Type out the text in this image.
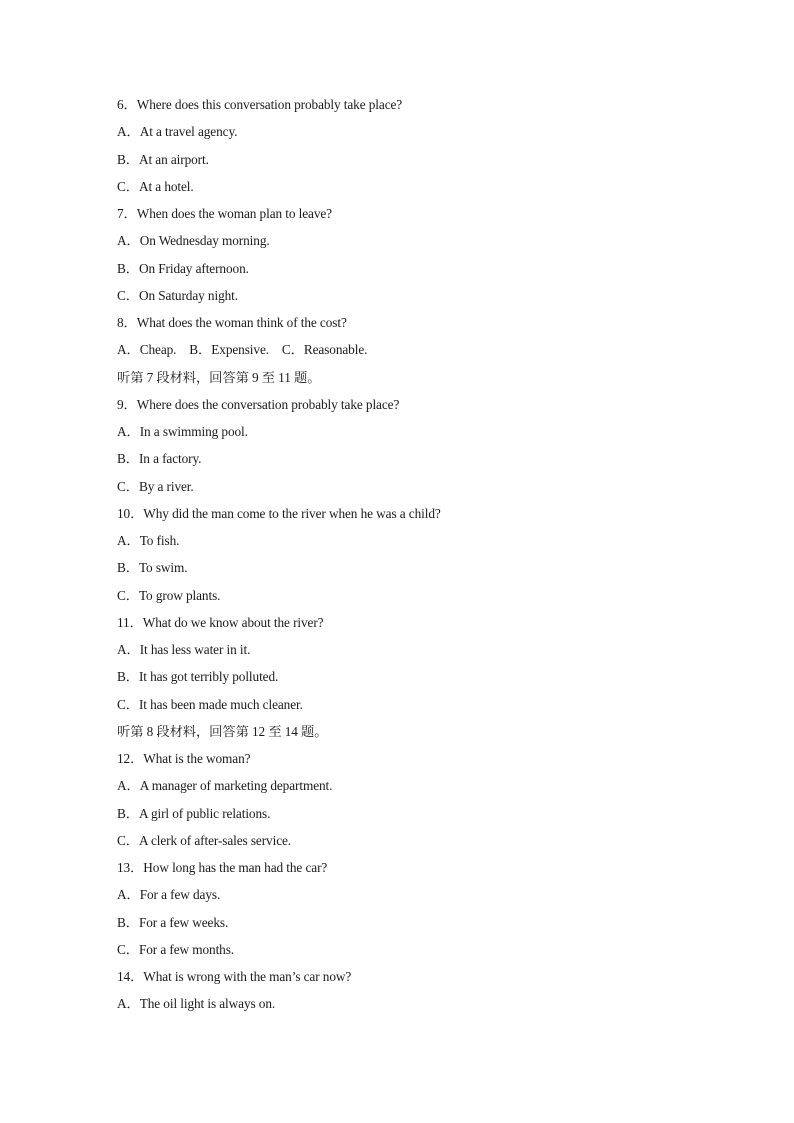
6．Where does this conversation probably take place?
A．At a travel agency.
B．At an airport.
C．At a hotel.
7．When does the woman plan to leave?
A．On Wednesday morning.
B．On Friday afternoon.
C．On Saturday night.
8．What does the woman think of the cost?
A．Cheap.    B．Expensive.    C．Reasonable.
听第 7 段材料，回答第 9 至 11 题。
9．Where does the conversation probably take place?
A．In a swimming pool.
B．In a factory.
C．By a river.
10．Why did the man come to the river when he was a child?
A．To fish.
B．To swim.
C．To grow plants.
11．What do we know about the river?
A．It has less water in it.
B．It has got terribly polluted.
C．It has been made much cleaner.
听第 8 段材料，回答第 12 至 14 题。
12．What is the woman?
A．A manager of marketing department.
B．A girl of public relations.
C．A clerk of after-sales service.
13．How long has the man had the car?
A．For a few days.
B．For a few weeks.
C．For a few months.
14．What is wrong with the man’s car now?
A．The oil light is always on.
